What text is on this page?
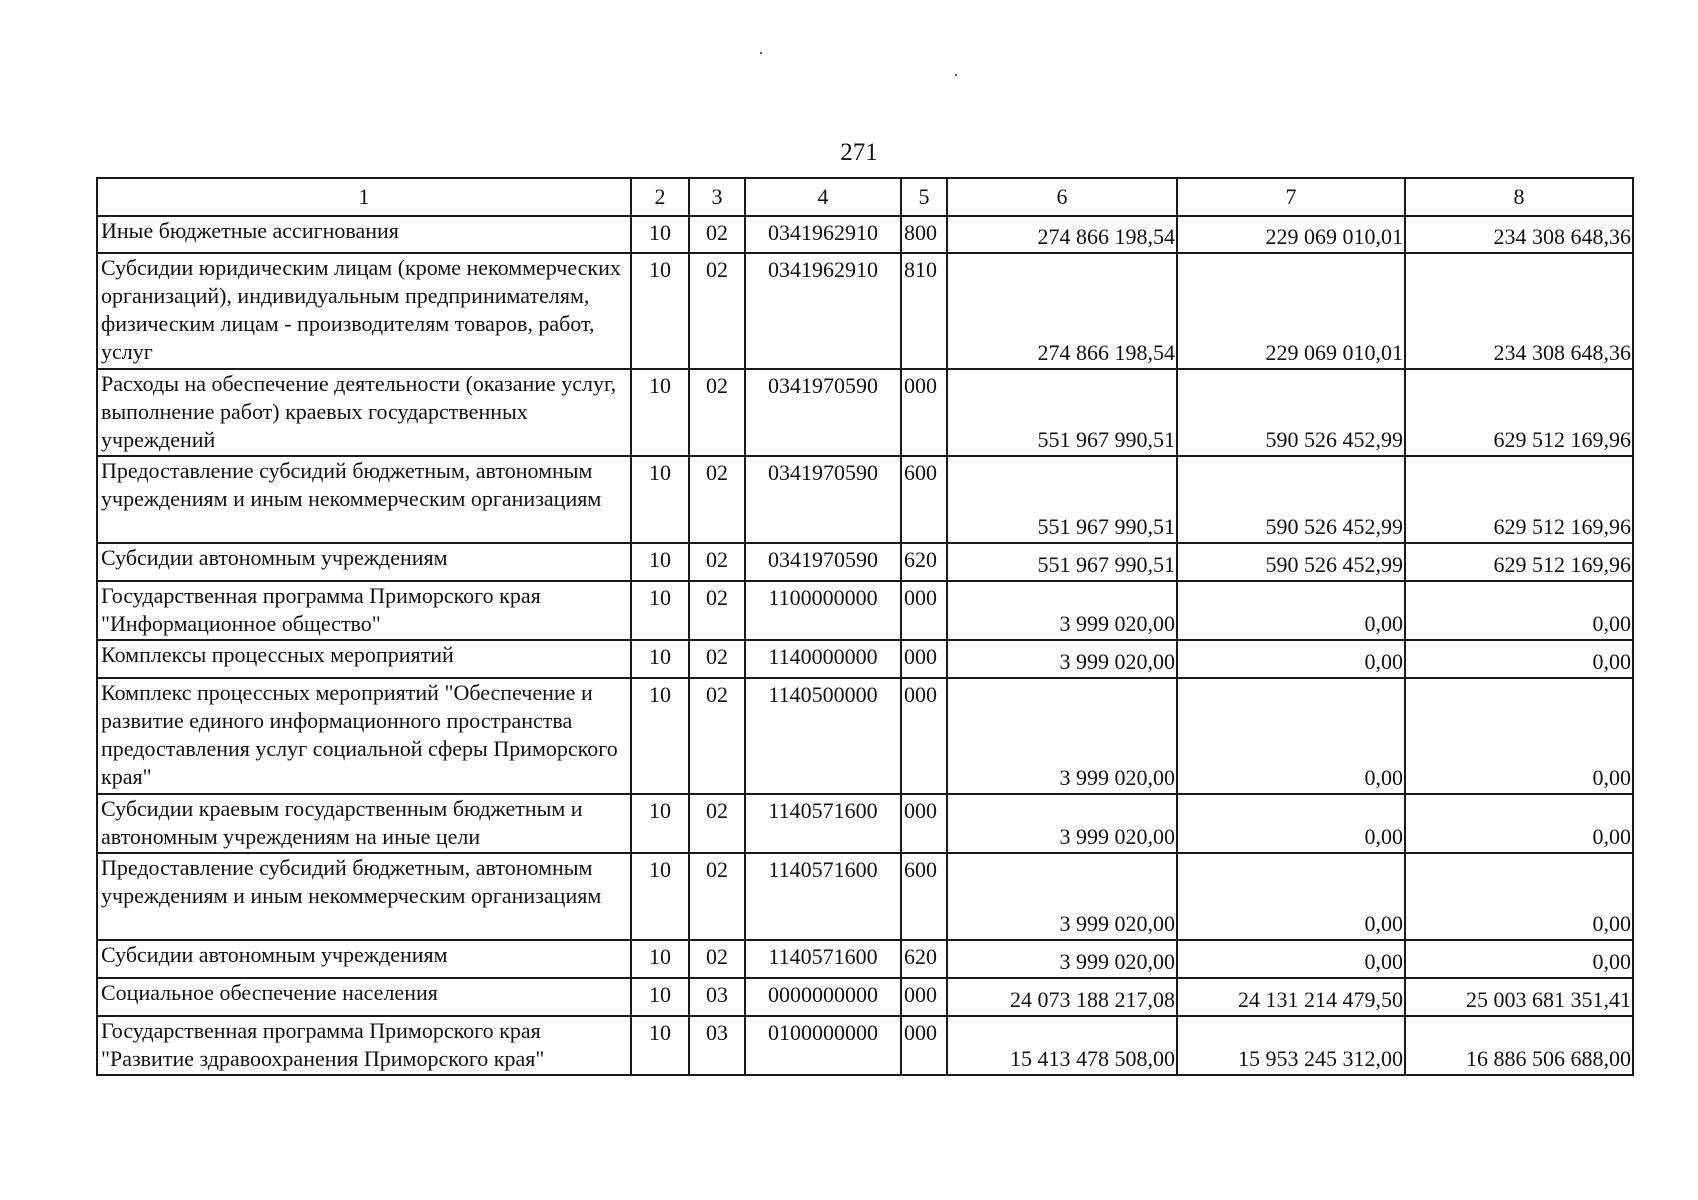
271
1	2	3	4	5	6	7	8
Иные бюджетные ассигнования	10	02	0341962910	800	274 866 198,54	229 069 010,01	234 308 648,36
Субсидии юридическим лицам (кроме некоммерческих организаций), индивидуальным предпринимателям, физическим лицам - производителям товаров, работ, услуг	10	02	0341962910	810	274 866 198,54	229 069 010,01	234 308 648,36
Расходы на обеспечение деятельности (оказание услуг, выполнение работ) краевых государственных учреждений	10	02	0341970590	000	551 967 990,51	590 526 452,99	629 512 169,96
Предоставление субсидий бюджетным, автономным учреждениям и иным некоммерческим организациям	10	02	0341970590	600	551 967 990,51	590 526 452,99	629 512 169,96
Субсидии автономным учреждениям	10	02	0341970590	620	551 967 990,51	590 526 452,99	629 512 169,96
Государственная программа Приморского края "Информационное общество"	10	02	1100000000	000	3 999 020,00	0,00	0,00
Комплексы процессных мероприятий	10	02	1140000000	000	3 999 020,00	0,00	0,00
Комплекс процессных мероприятий "Обеспечение и развитие единого информационного пространства предоставления услуг социальной сферы Приморского края"	10	02	1140500000	000	3 999 020,00	0,00	0,00
Субсидии краевым государственным бюджетным и автономным учреждениям на иные цели	10	02	1140571600	000	3 999 020,00	0,00	0,00
Предоставление субсидий бюджетным, автономным учреждениям и иным некоммерческим организациям	10	02	1140571600	600	3 999 020,00	0,00	0,00
Субсидии автономным учреждениям	10	02	1140571600	620	3 999 020,00	0,00	0,00
Социальное обеспечение населения	10	03	0000000000	000	24 073 188 217,08	24 131 214 479,50	25 003 681 351,41
Государственная программа Приморского края "Развитие здравоохранения Приморского края"	10	03	0100000000	000	15 413 478 508,00	15 953 245 312,00	16 886 506 688,00
